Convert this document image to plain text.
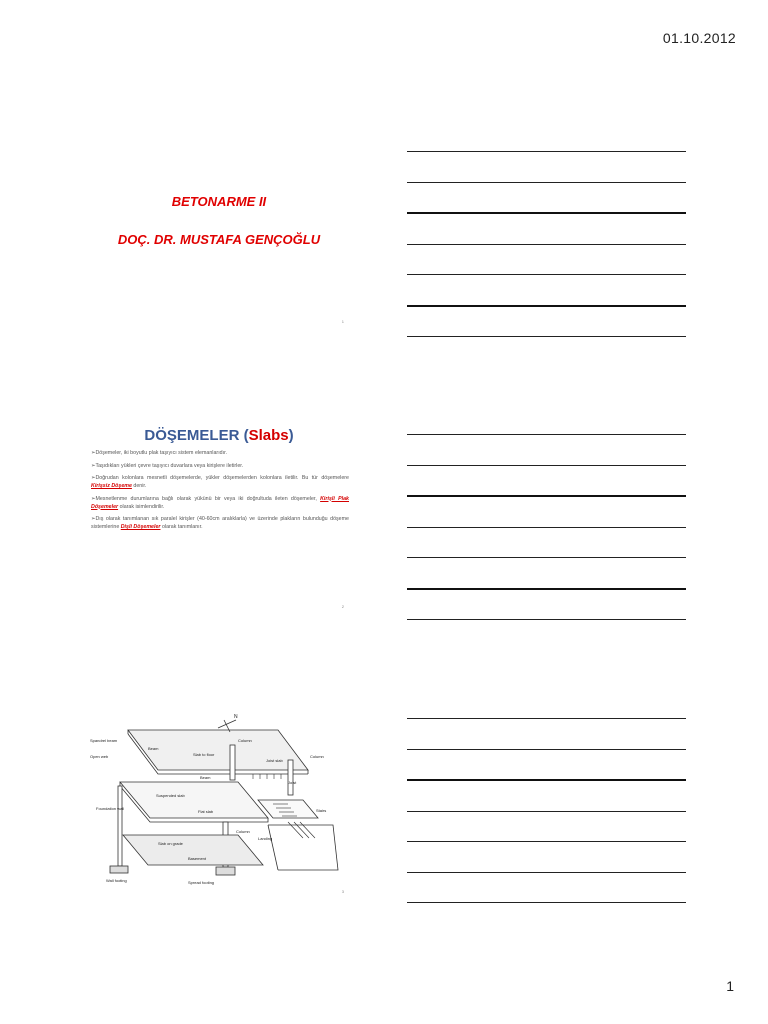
01.10.2012
BETONARME II
DOÇ. DR. MUSTAFA GENÇOĞLU
1
DÖŞEMELER (Slabs)
➢Döşemeler, iki boyutlu plak taşıyıcı sistem elemanlarıdır.
➢Taşıdıkları yükleri çevre taşıyıcı duvarlara veya kirişlere iletirler.
➢Doğrudan kolonlara mesnetli döşemelerde, yükler döşemelerden kolonlara iletilir. Bu tür döşemelere Kirişsiz Döşeme denir.
➢Mesnetlenme durumlarına bağlı olarak yükünü bir veya iki doğrultuda ileten döşemeler, Kirişli Plak Döşemeler olarak isimlendirilir.
➢Dış olarak tanımlanan sık paralel kirişler (40-60cm aralıklarla) ve üzerinde plakların bulunduğu döşeme sistemlerine Dişli Döşemeler olarak tanımlanır.
2
Column
Column
Spandrel beam
Open web
Beam
Slab to floor
Joist slab
Joist
Beam
Suspended slab
Stairs
Flat slab
Foundation wall
Slab on grade
Column
Landing
Basement
Wall footing	Spread footing
N
3
1
